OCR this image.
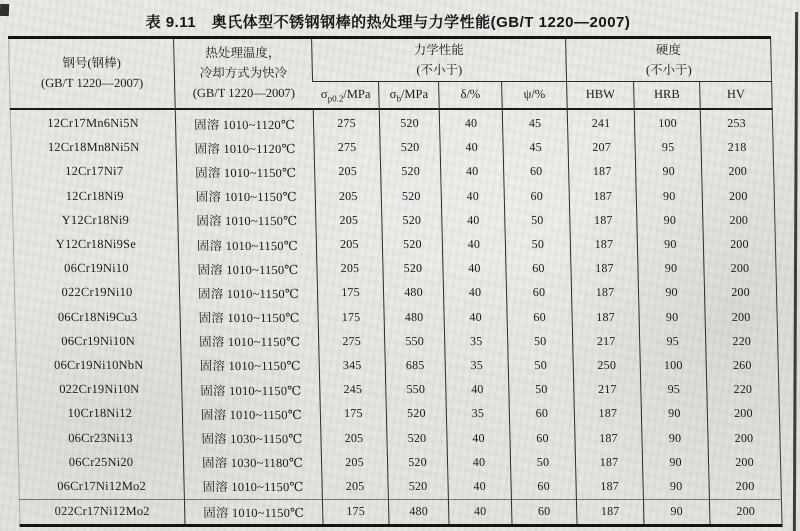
表 9.11　奥氏体型不锈钢钢棒的热处理与力学性能(GB/T 1220—2007)
钢号(钢棒)
(GB/T 1220—2007)

热处理温度，
冷却方式为快冷
(GB/T 1220—2007)

力学性能
(不小于)

硬度
(不小于)

		$\sigma_{p0.2}$/MPa	$\sigma_b$/MPa	δ/%	ψ/%	HBW	HRB	HV
12Cr17Mn6Ni5N	固溶 1010~1120℃	275	520	40	45	241	100	253
12Cr18Mn8Ni5N	固溶 1010~1120℃	275	520	40	45	207	95	218
12Cr17Ni7	固溶 1010~1150℃	205	520	40	60	187	90	200
12Cr18Ni9	固溶 1010~1150℃	205	520	40	60	187	90	200
Y12Cr18Ni9	固溶 1010~1150℃	205	520	40	50	187	90	200
Y12Cr18Ni9Se	固溶 1010~1150℃	205	520	40	50	187	90	200
06Cr19Ni10	固溶 1010~1150℃	205	520	40	60	187	90	200
022Cr19Ni10	固溶 1010~1150℃	175	480	40	60	187	90	200
06Cr18Ni9Cu3	固溶 1010~1150℃	175	480	40	60	187	90	200
06Cr19Ni10N	固溶 1010~1150℃	275	550	35	50	217	95	220
06Cr19Ni10NbN	固溶 1010~1150℃	345	685	35	50	250	100	260
022Cr19Ni10N	固溶 1010~1150℃	245	550	40	50	217	95	220
10Cr18Ni12	固溶 1010~1150℃	175	520	35	60	187	90	200
06Cr23Ni13	固溶 1030~1150℃	205	520	40	60	187	90	200
06Cr25Ni20	固溶 1030~1180℃	205	520	40	50	187	90	200
06Cr17Ni12Mo2	固溶 1010~1150℃	205	520	40	60	187	90	200
022Cr17Ni12Mo2	固溶 1010~1150℃	175	480	40	60	187	90	200
